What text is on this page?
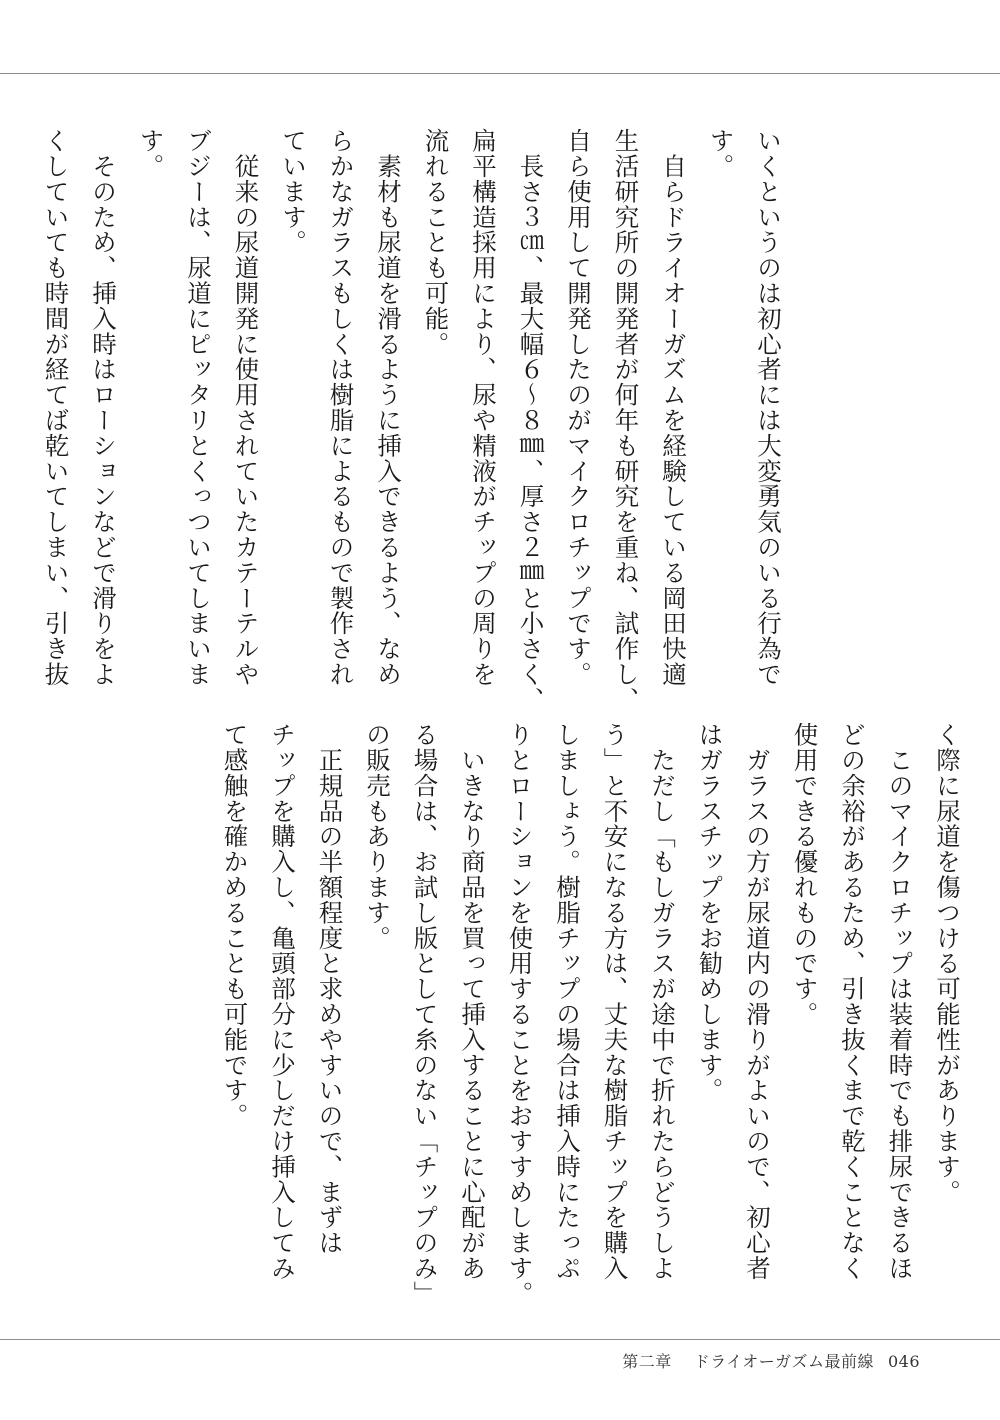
いくというのは初心者には大変勇気のいる行為で
す。
　自らドライオーガズムを経験している岡田快適
生活研究所の開発者が何年も研究を重ね、試作し、
自ら使用して開発したのがマイクロチップです。
　長さ３㎝、最大幅６～８㎜、厚さ２㎜と小さく、
扁平構造採用により、尿や精液がチップの周りを
流れることも可能。
　素材も尿道を滑るように挿入できるよう、なめ
らかなガラスもしくは樹脂によるもので製作され
ています。
　従来の尿道開発に使用されていたカテーテルや
ブジーは、尿道にピッタリとくっついてしまいま
す。
　そのため、挿入時はローションなどで滑りをよ
くしていても時間が経てば乾いてしまい、引き抜
く際に尿道を傷つける可能性があります。
　このマイクロチップは装着時でも排尿できるほ
どの余裕があるため、引き抜くまで乾くことなく
使用できる優れものです。
　ガラスの方が尿道内の滑りがよいので、初心者
はガラスチップをお勧めします。
　ただし「もしガラスが途中で折れたらどうしよ
う」と不安になる方は、丈夫な樹脂チップを購入
しましょう。樹脂チップの場合は挿入時にたっぷ
りとローションを使用することをおすすめします。
　いきなり商品を買って挿入することに心配があ
る場合は、お試し版として糸のない「チップのみ」
の販売もあります。
　正規品の半額程度と求めやすいので、まずは
チップを購入し、亀頭部分に少しだけ挿入してみ
て感触を確かめることも可能です。
第二章 ドライオーガズム最前線 046
